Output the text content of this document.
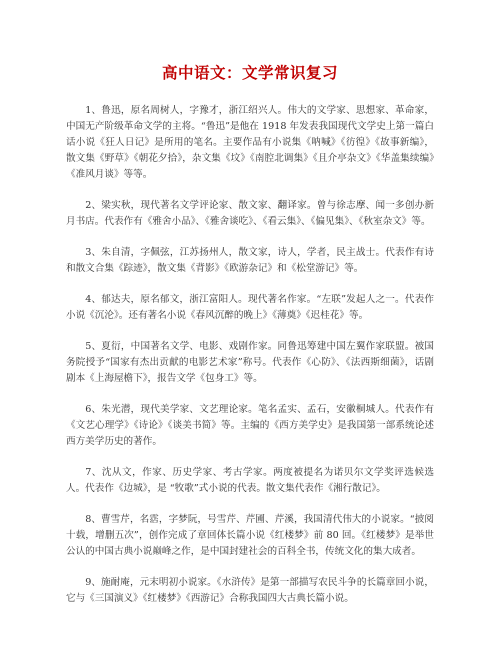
高中语文：文学常识复习

1、鲁迅，原名周树人，字豫才，浙江绍兴人。伟大的文学家、思想家、革命家，中国无产阶级革命文学的主将。“鲁迅”是他在 1918 年发表我国现代文学史上第一篇白话小说《狂人日记》是所用的笔名。主要作品有小说集《呐喊》《彷徨》《故事新编》，散文集《野草》《朝花夕拾》，杂文集《坟》《南腔北调集》《且介亭杂文》《华盖集续编》《准风月谈》等等。

2、梁实秋，现代著名文学评论家、散文家、翻译家。曾与徐志摩、闻一多创办新月书店。代表作有《雅舍小品》、《雅舍谈吃》、《看云集》、《偏见集》、《秋室杂文》等。

3、朱自清，字佩弦，江苏扬州人，散文家，诗人，学者，民主战士。代表作有诗和散文合集《踪迹》，散文集《背影》《欧游杂记》和《松堂游记》等。

4、郁达夫，原名郁文，浙江富阳人。现代著名作家。“左联”发起人之一。代表作小说《沉沦》。还有著名小说《春风沉醉的晚上》《薄奠》《迟桂花》等。

5、夏衍，中国著名文学、电影、戏剧作家。同鲁迅筹建中国左翼作家联盟。被国务院授予“国家有杰出贡献的电影艺术家”称号。代表作《心防》、《法西斯细菌》，话剧剧本《上海屋檐下》，报告文学《包身工》等。

6、朱光潜，现代美学家、文艺理论家。笔名孟实、孟石，安徽桐城人。代表作有《文艺心理学》《诗论》《谈美书简》等。主编的《西方美学史》是我国第一部系统论述西方美学历史的著作。

7、沈从文，作家、历史学家、考古学家。两度被提名为诺贝尔文学奖评选候选人。代表作《边城》，是 “牧歌”式小说的代表。散文集代表作《湘行散记》。

8、曹雪芹，名霑，字梦阮，号雪芹、芹圃、芹溪，我国清代伟大的小说家。“披阅十载，增删五次”，创作完成了章回体长篇小说《红楼梦》前 80 回。《红楼梦》是举世公认的中国古典小说巅峰之作，是中国封建社会的百科全书，传统文化的集大成者。

9、施耐庵，元末明初小说家。《水浒传》是第一部描写农民斗争的长篇章回小说，它与《三国演义》《红楼梦》《西游记》合称我国四大古典长篇小说。
